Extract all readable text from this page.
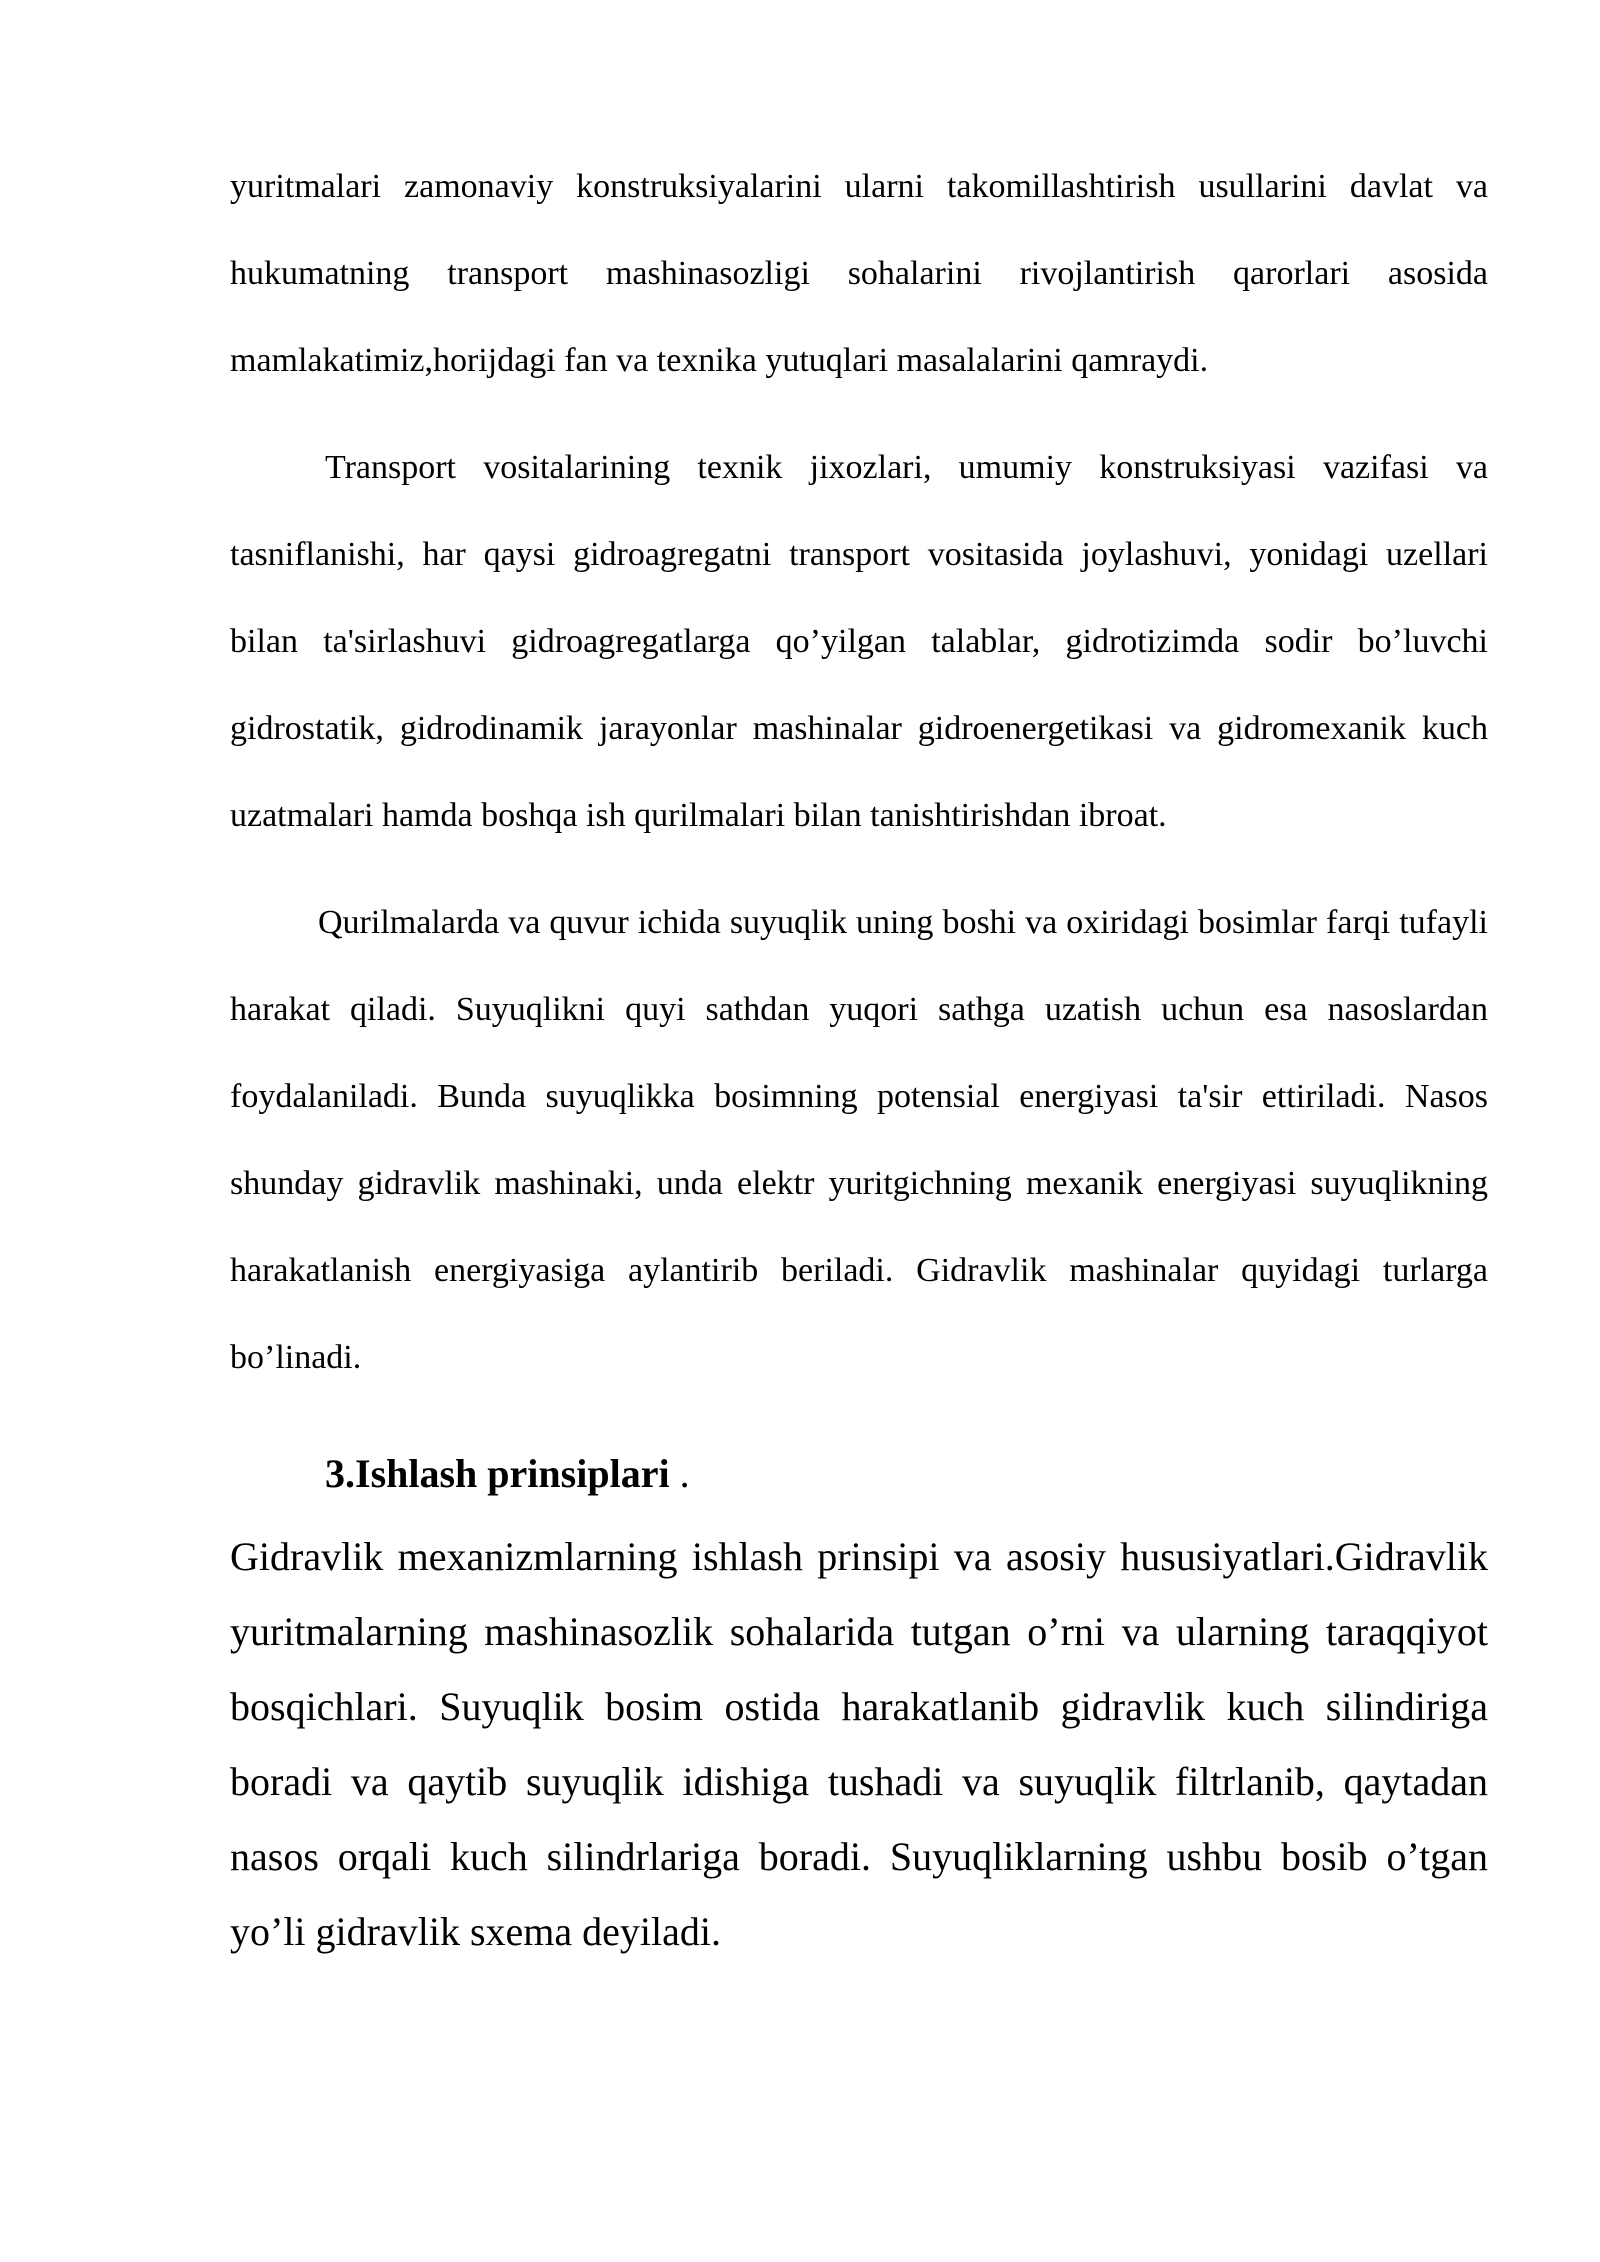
yuritmalari zamonaviy konstruksiyalarini ularni takomillashtirish usullarini davlat va hukumatning transport mashinasozligi sohalarini rivojlantirish qarorlari asosida mamlakatimiz,horijdagi fan va texnika yutuqlari masalalarini qamraydi.

Transport vositalarining texnik jixozlari, umumiy konstruksiyasi vazifasi va tasniflanishi, har qaysi gidroagregatni transport vositasida joylashuvi, yonidagi uzellari bilan ta'sirlashuvi gidroagregatlarga qo’yilgan talablar, gidrotizimda sodir bo’luvchi gidrostatik, gidrodinamik jarayonlar mashinalar gidroenergetikasi va gidromexanik kuch uzatmalari hamda boshqa ish qurilmalari bilan tanishtirishdan ibroat.

Qurilmalarda va quvur ichida suyuqlik uning boshi va oxiridagi bosimlar farqi tufayli harakat qiladi. Suyuqlikni quyi sathdan yuqori sathga uzatish uchun esa nasoslardan foydalaniladi. Bunda suyuqlikka bosimning potensial energiyasi ta'sir ettiriladi. Nasos shunday gidravlik mashinaki, unda elektr yuritgichning mexanik energiyasi suyuqlikning harakatlanish energiyasiga aylantirib beriladi. Gidravlik mashinalar quyidagi turlarga bo’linadi.

3.Ishlash prinsiplari .

Gidravlik mexanizmlarning ishlash prinsipi va asosiy hususiyatlari.Gidravlik yuritmalarning mashinasozlik sohalarida tutgan o’rni va ularning taraqqiyot bosqichlari. Suyuqlik bosim ostida harakatlanib gidravlik kuch silindiriga boradi va qaytib suyuqlik idishiga tushadi va suyuqlik filtrlanib, qaytadan nasos orqali kuch silindrlariga boradi. Suyuqliklarning ushbu bosib o’tgan yo’li gidravlik sxema deyiladi.
